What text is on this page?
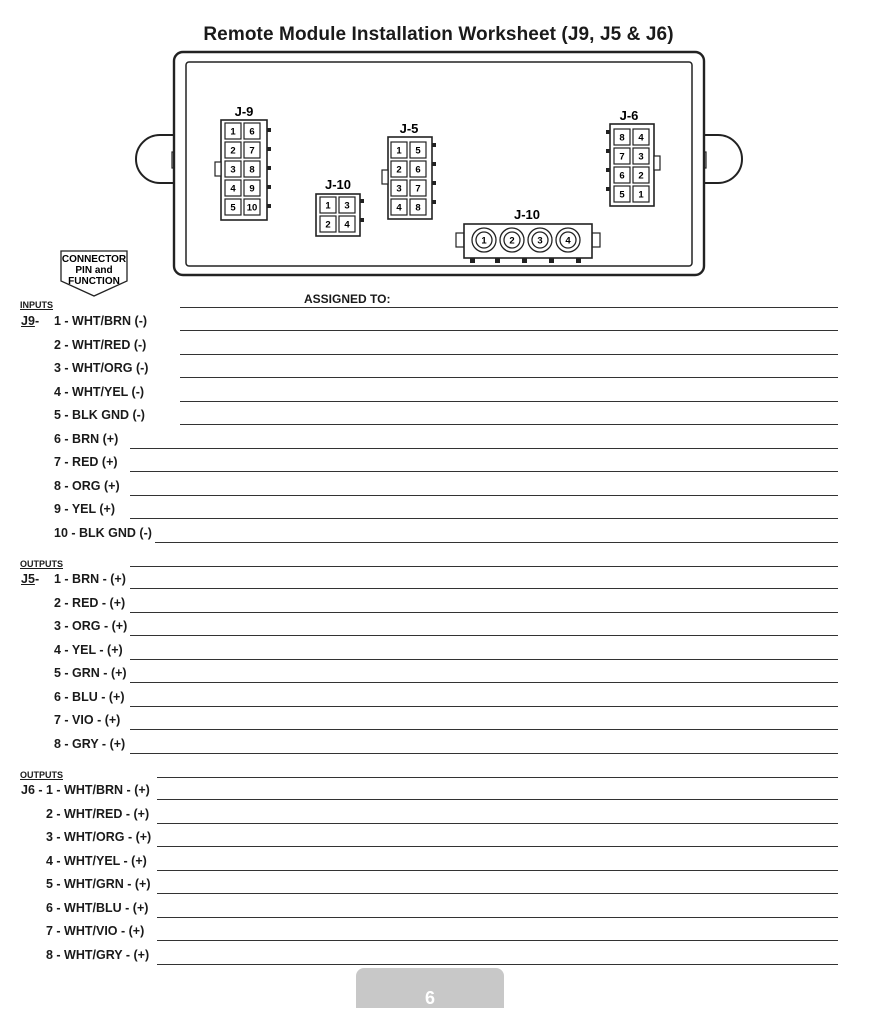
Remote Module Installation Worksheet (J9, J5 & J6)
J-9
1 6
2 7
3 8
4 9
5 10
J-10
1 3
2 4
J-5
1 5
2 6
3 7
4 8
J-6
8 4
7 3
6 2
5 1
J-10
1 2 3 4
CONNECTOR
PIN and
FUNCTION
ASSIGNED TO:
INPUTS
J9 - 1 - WHT/BRN (-)
2 - WHT/RED (-)
3 - WHT/ORG (-)
4 - WHT/YEL (-)
5 - BLK GND (-)
6 - BRN (+)
7 - RED (+)
8 - ORG (+)
9 - YEL (+)
10 - BLK GND (-)
OUTPUTS
J5 - 1 - BRN - (+)
2 - RED - (+)
3 - ORG - (+)
4 - YEL - (+)
5 - GRN - (+)
6 - BLU - (+)
7 - VIO - (+)
8 - GRY - (+)
OUTPUTS
J6 - 1 - WHT/BRN - (+)
2 - WHT/RED - (+)
3 - WHT/ORG - (+)
4 - WHT/YEL - (+)
5 - WHT/GRN - (+)
6 - WHT/BLU - (+)
7 - WHT/VIO - (+)
8 - WHT/GRY - (+)
6
